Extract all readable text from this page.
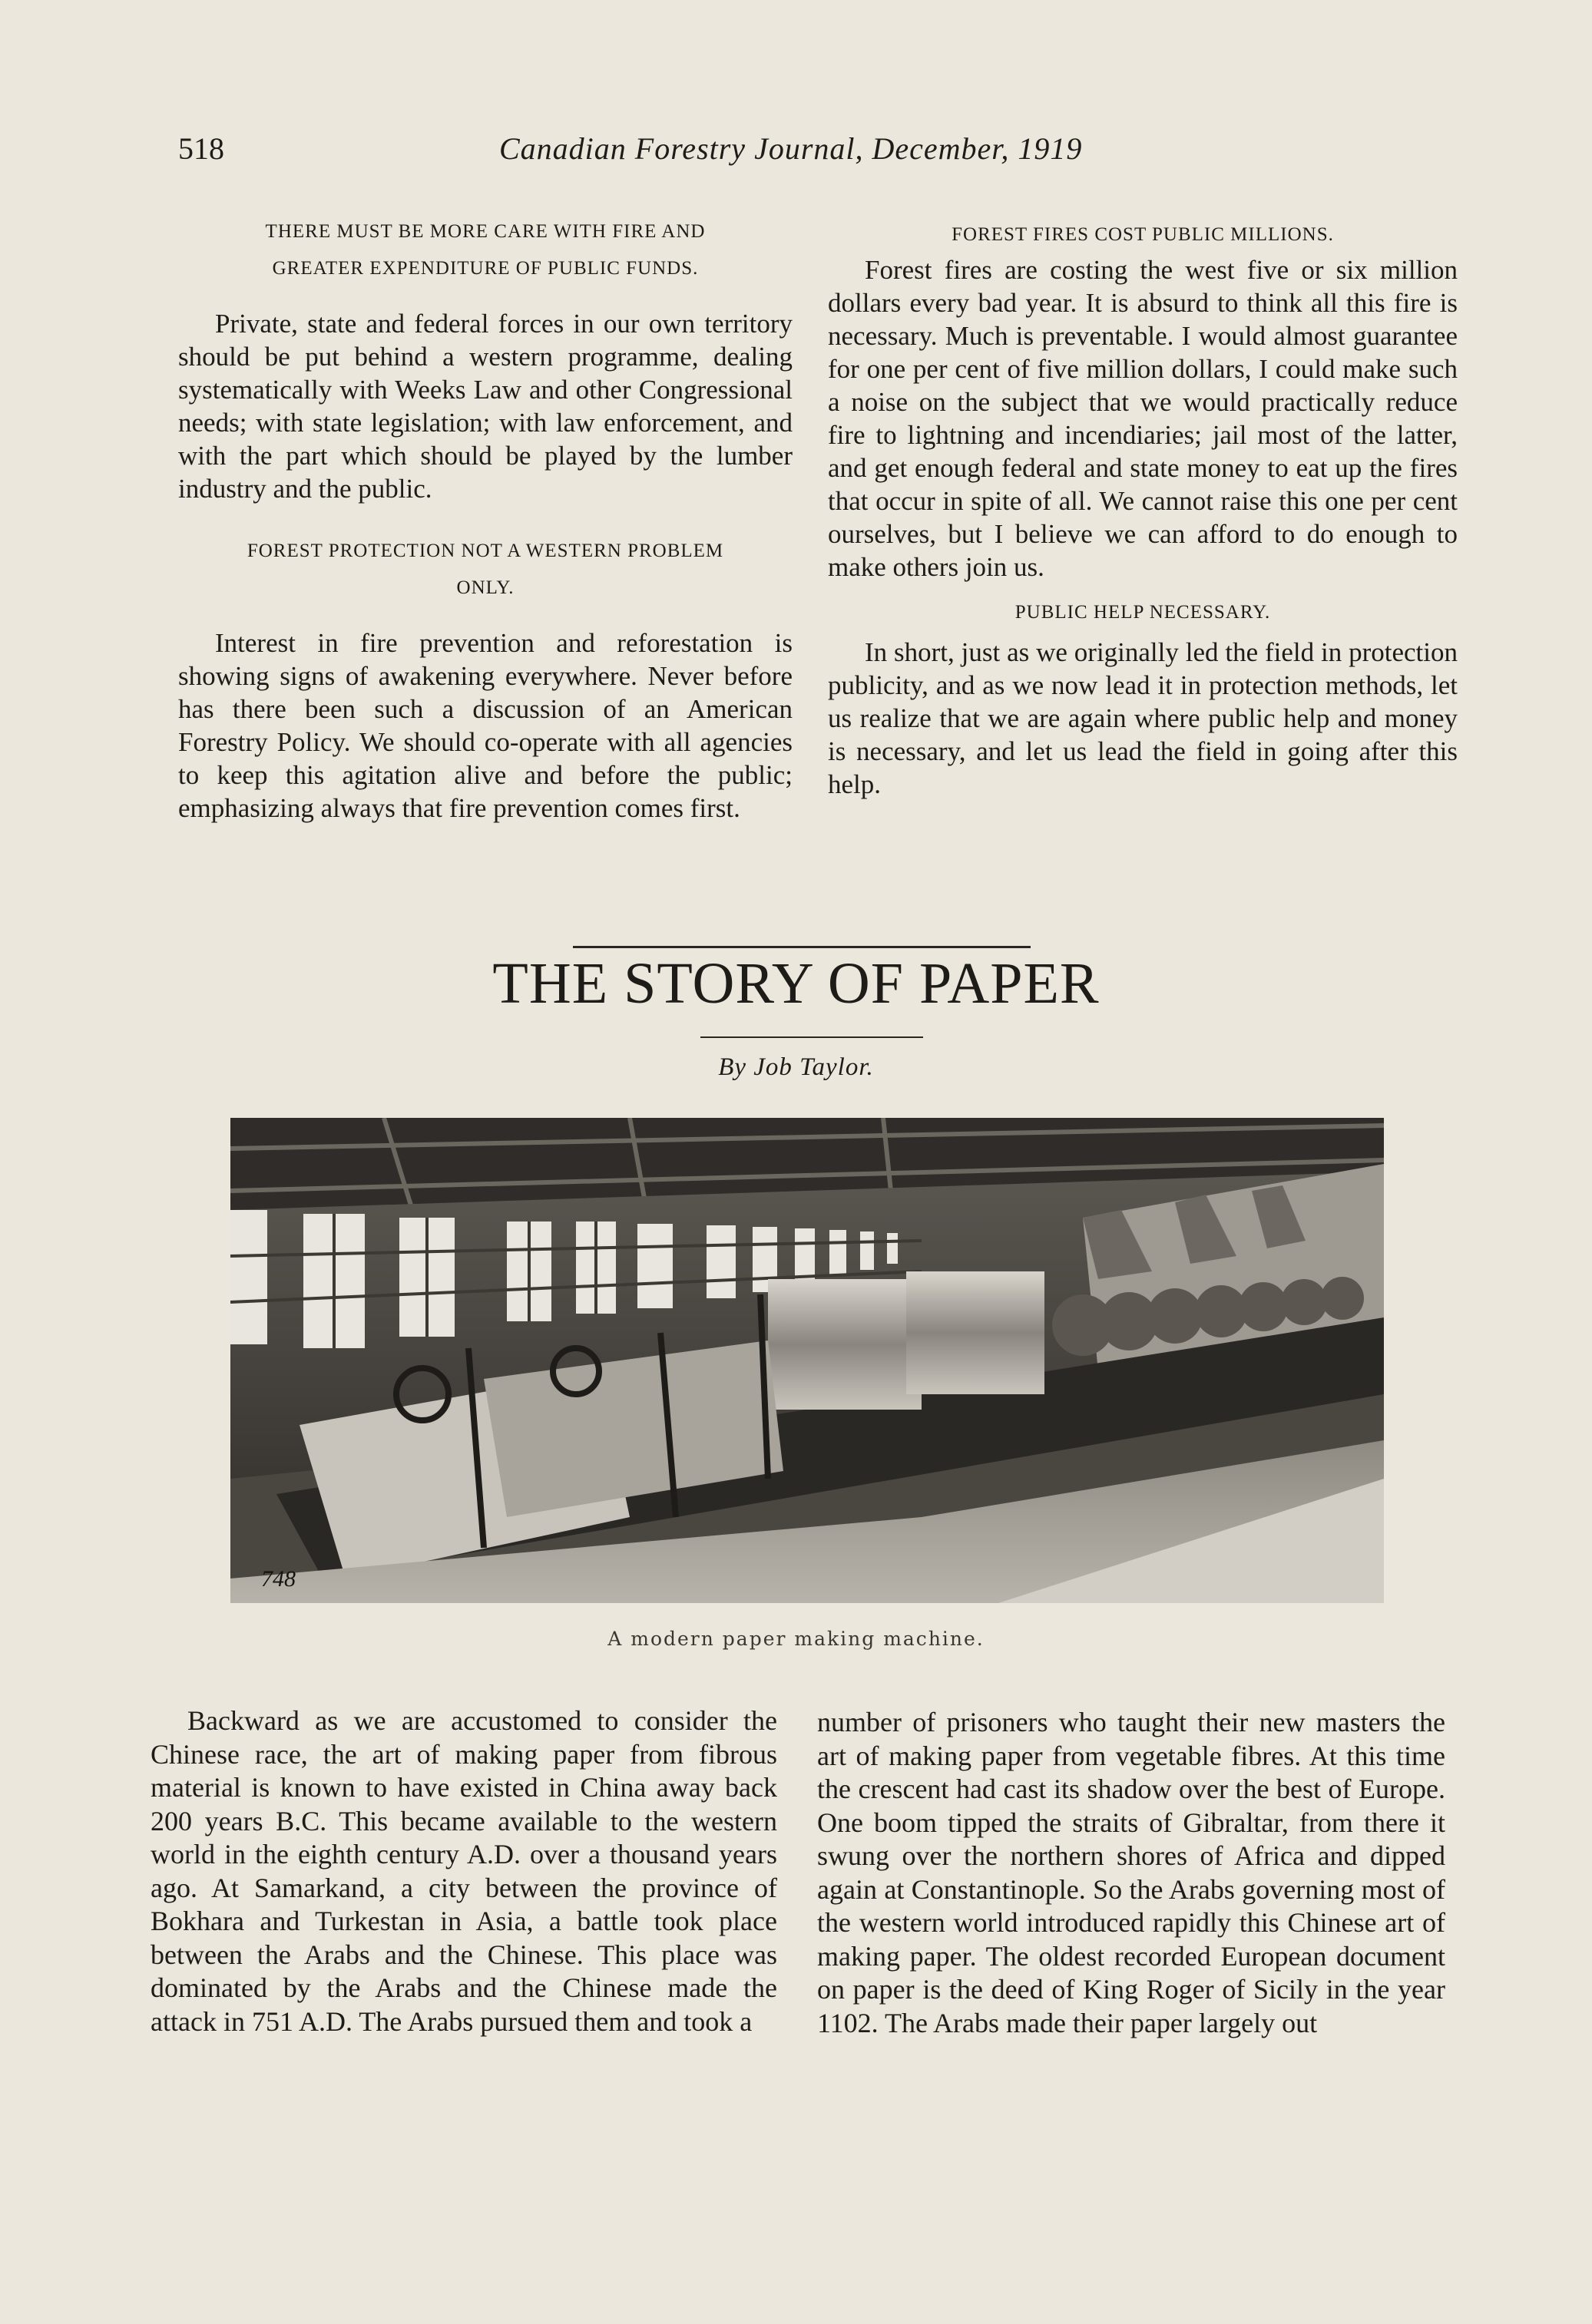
518	Canadian Forestry Journal, December, 1919

THERE MUST BE MORE CARE WITH FIRE AND

GREATER EXPENDITURE OF PUBLIC FUNDS.

Private, state and federal forces in our own territory should be put behind a western programme, dealing systematically with Weeks Law and other Congressional needs; with state legislation; with law enforcement, and with the part which should be played by the lumber industry and the public.

FOREST PROTECTION NOT A WESTERN PROBLEM

ONLY.

Interest in fire prevention and reforestation is showing signs of awakening everywhere. Never before has there been such a discussion of an American Forestry Policy. We should co-operate with all agencies to keep this agitation alive and before the public; emphasizing always that fire prevention comes first.

FOREST FIRES COST PUBLIC MILLIONS.

Forest fires are costing the west five or six million dollars every bad year. It is absurd to think all this fire is necessary. Much is preventable. I would almost guarantee for one per cent of five million dollars, I could make such a noise on the subject that we would practically reduce fire to lightning and incendiaries; jail most of the latter, and get enough federal and state money to eat up the fires that occur in spite of all. We cannot raise this one per cent ourselves, but I believe we can afford to do enough to make others join us.

PUBLIC HELP NECESSARY.

In short, just as we originally led the field in protection publicity, and as we now lead it in protection methods, let us realize that we are again where public help and money is necessary, and let us lead the field in going after this help.

THE STORY OF PAPER
By Job Taylor.
748
A modern paper making machine.

Backward as we are accustomed to consider the Chinese race, the art of making paper from fibrous material is known to have existed in China away back 200 years B.C. This became available to the western world in the eighth century A.D. over a thousand years ago. At Samarkand, a city between the province of Bokhara and Turkestan in Asia, a battle took place between the Arabs and the Chinese. This place was dominated by the Arabs and the Chinese made the attack in 751 A.D. The Arabs pursued them and took a

number of prisoners who taught their new masters the art of making paper from vegetable fibres. At this time the crescent had cast its shadow over the best of Europe. One boom tipped the straits of Gibraltar, from there it swung over the northern shores of Africa and dipped again at Constantinople. So the Arabs governing most of the western world introduced rapidly this Chinese art of making paper. The oldest recorded European document on paper is the deed of King Roger of Sicily in the year 1102. The Arabs made their paper largely out
